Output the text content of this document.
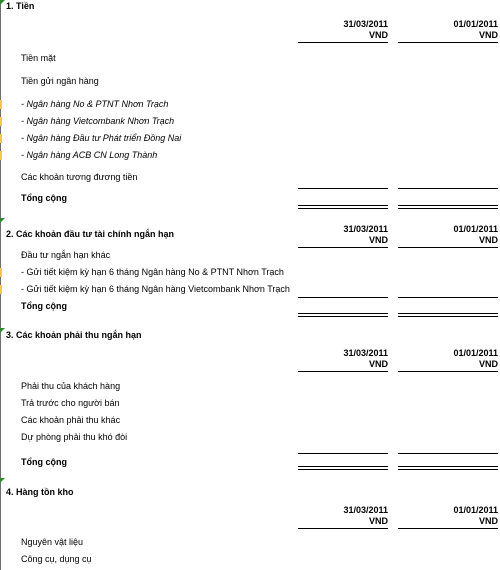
1. Tiền
31/03/2011
VND
01/01/2011
VND
Tiền mặt
Tiền gửi ngân hàng
- Ngân hàng No & PTNT Nhơn Trạch
- Ngân hàng Vietcombank Nhơn Trạch
- Ngân hàng Đầu tư Phát triển Đồng Nai
- Ngân hàng ACB CN Long Thành
Các khoản tương đương tiền
Tổng cộng
31/03/2011	01/01/2011
2. Các khoản đầu tư tài chính ngắn hạn
VND	VND
Đầu tư ngắn hạn khác
- Gửi tiết kiệm kỳ hạn 6 tháng Ngân hàng No & PTNT Nhơn Trạch
- Gửi tiết kiệm kỳ hạn 6 tháng Ngân hàng Vietcombank Nhơn Trạch
Tổng cộng
3. Các khoản phải thu ngắn hạn
31/03/2011
VND
01/01/2011
VND
Phải thu của khách hàng
Trả trước cho người bán
Các khoản phải thu khác
Dự phòng phải thu khó đòi
Tổng cộng
4. Hàng tồn kho
31/03/2011
VND
01/01/2011
VND
Nguyên vật liệu
Công cụ, dụng cụ
